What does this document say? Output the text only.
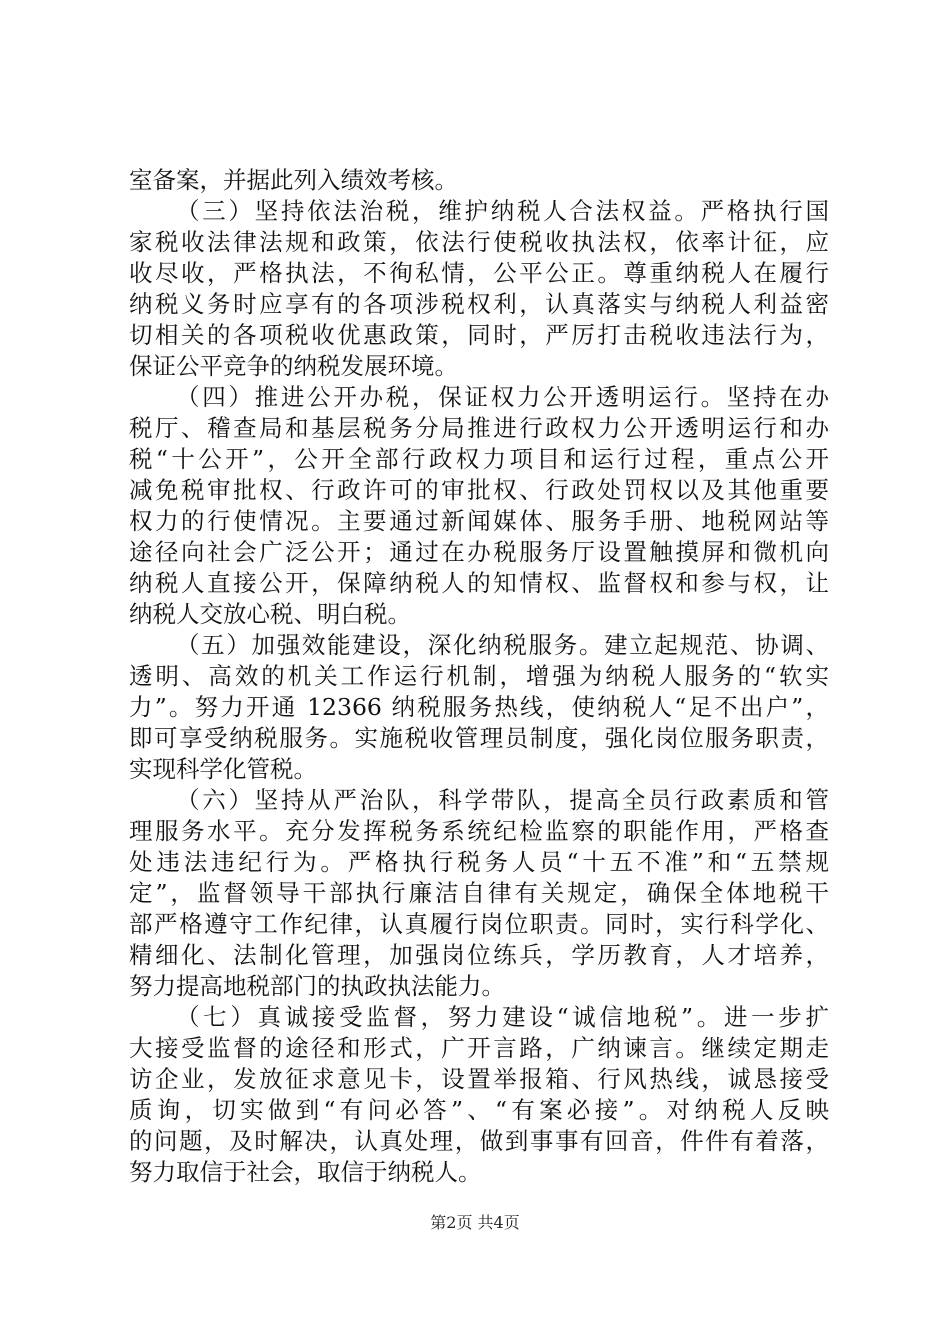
室备案，并据此列入绩效考核。
（三）坚持依法治税，维护纳税人合法权益。严格执行国
家税收法律法规和政策，依法行使税收执法权，依率计征，应
收尽收，严格执法，不徇私情，公平公正。尊重纳税人在履行
纳税义务时应享有的各项涉税权利，认真落实与纳税人利益密
切相关的各项税收优惠政策，同时，严厉打击税收违法行为，
保证公平竞争的纳税发展环境。
（四）推进公开办税，保证权力公开透明运行。坚持在办
税厅、稽查局和基层税务分局推进行政权力公开透明运行和办
税“十公开”，公开全部行政权力项目和运行过程，重点公开
减免税审批权、行政许可的审批权、行政处罚权以及其他重要
权力的行使情况。主要通过新闻媒体、服务手册、地税网站等
途径向社会广泛公开；通过在办税服务厅设置触摸屏和微机向
纳税人直接公开，保障纳税人的知情权、监督权和参与权，让
纳税人交放心税、明白税。
（五）加强效能建设，深化纳税服务。建立起规范、协调、
透明、高效的机关工作运行机制，增强为纳税人服务的“软实
力”。努力开通 12366 纳税服务热线，使纳税人“足不出户”，
即可享受纳税服务。实施税收管理员制度，强化岗位服务职责，
实现科学化管税。
（六）坚持从严治队，科学带队，提高全员行政素质和管
理服务水平。充分发挥税务系统纪检监察的职能作用，严格查
处违法违纪行为。严格执行税务人员“十五不准”和“五禁规
定”，监督领导干部执行廉洁自律有关规定，确保全体地税干
部严格遵守工作纪律，认真履行岗位职责。同时，实行科学化、
精细化、法制化管理，加强岗位练兵，学历教育，人才培养，
努力提高地税部门的执政执法能力。
（七）真诚接受监督，努力建设“诚信地税”。进一步扩
大接受监督的途径和形式，广开言路，广纳谏言。继续定期走
访企业，发放征求意见卡，设置举报箱、行风热线，诚恳接受
质询，切实做到“有问必答”、“有案必接”。对纳税人反映
的问题，及时解决，认真处理，做到事事有回音，件件有着落，
努力取信于社会，取信于纳税人。
第2页 共4页
